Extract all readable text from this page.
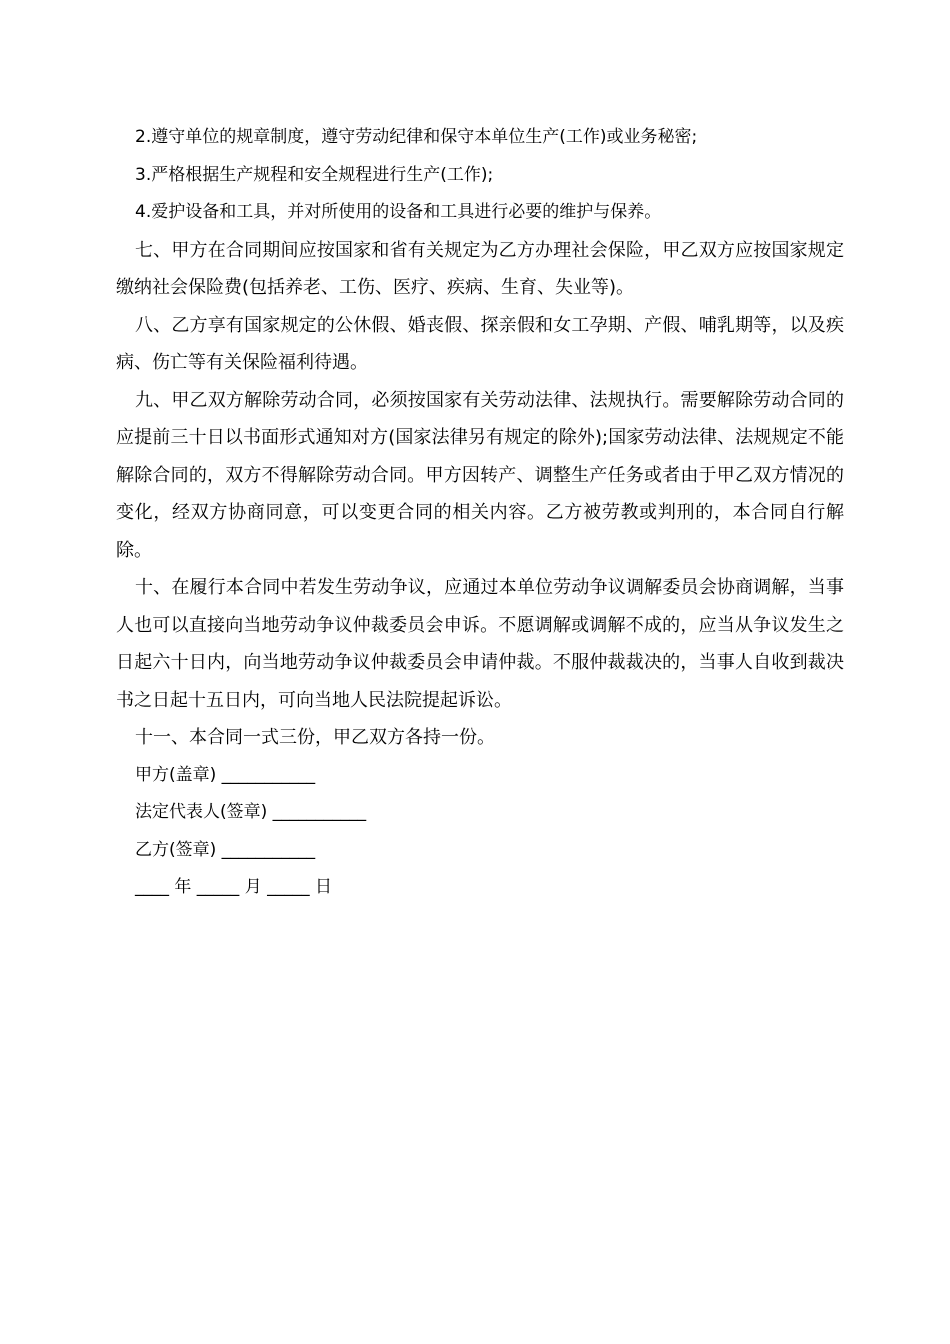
2.遵守单位的规章制度，遵守劳动纪律和保守本单位生产(工作)或业务秘密;

3.严格根据生产规程和安全规程进行生产(工作);

4.爱护设备和工具，并对所使用的设备和工具进行必要的维护与保养。

七、甲方在合同期间应按国家和省有关规定为乙方办理社会保险，甲乙双方应按国家规定缴纳社会保险费(包括养老、工伤、医疗、疾病、生育、失业等)。

八、乙方享有国家规定的公休假、婚丧假、探亲假和女工孕期、产假、哺乳期等，以及疾病、伤亡等有关保险福利待遇。

九、甲乙双方解除劳动合同，必须按国家有关劳动法律、法规执行。需要解除劳动合同的应提前三十日以书面形式通知对方(国家法律另有规定的除外);国家劳动法律、法规规定不能解除合同的，双方不得解除劳动合同。甲方因转产、调整生产任务或者由于甲乙双方情况的变化，经双方协商同意，可以变更合同的相关内容。乙方被劳教或判刑的，本合同自行解除。

十、在履行本合同中若发生劳动争议，应通过本单位劳动争议调解委员会协商调解，当事人也可以直接向当地劳动争议仲裁委员会申诉。不愿调解或调解不成的，应当从争议发生之日起六十日内，向当地劳动争议仲裁委员会申请仲裁。不服仲裁裁决的，当事人自收到裁决书之日起十五日内，可向当地人民法院提起诉讼。

十一、本合同一式三份，甲乙双方各持一份。

甲方(盖章) ___________

法定代表人(签章) ___________

乙方(签章) ___________

____ 年 _____ 月 _____ 日
